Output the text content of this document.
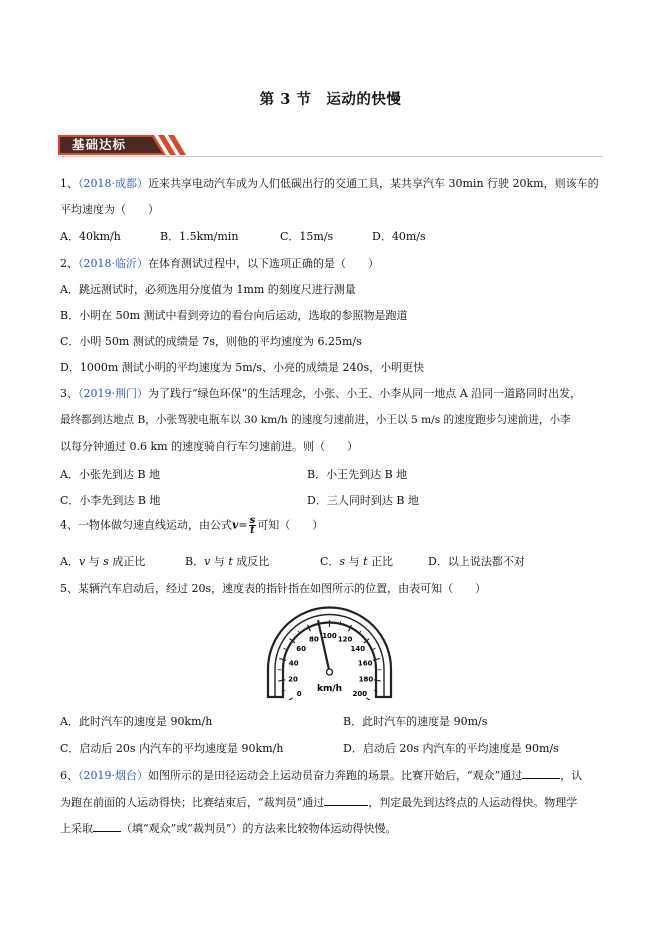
第 3 节　运动的快慢
基础达标
1、（2018·成都）近来共享电动汽车成为人们低碳出行的交通工具，某共享汽车 30min 行驶 20km，则该车的
平均速度为（　　）
A．40km/h	B．1.5km/min	C．15m/s	D．40m/s
2、（2018·临沂）在体育测试过程中，以下选项正确的是（　　）
A．跳远测试时，必须选用分度值为 1mm 的刻度尺进行测量
B．小明在 50m 测试中看到旁边的看台向后运动，选取的参照物是跑道
C．小明 50m 测试的成绩是 7s，则他的平均速度为 6.25m/s
D．1000m 测试小明的平均速度为 5m/s、小亮的成绩是 240s，小明更快
3、（2019·荆门）为了践行“绿色环保”的生活理念，小张、小王、小李从同一地点 A 沿同一道路同时出发，
最终都到达地点 B，小张驾驶电瓶车以 30 km/h 的速度匀速前进，小王以 5 m/s 的速度跑步匀速前进，小李
以每分钟通过 0.6 km 的速度骑自行车匀速前进。则（　　）
A．小张先到达 B 地	B．小王先到达 B 地
C．小李先到达 B 地	D．三人同时到达 B 地
4、一物体做匀速直线运动，由公式$v= \frac{s}{t}$ 可知（　　）
A．v 与 s 成正比	B．v 与 t 成反比	C．s 与 t 正比	D．以上说法都不对
5、某辆汽车启动后，经过 20s，速度表的指针指在如图所示的位置，由表可知（　　）
0
20
40
60
80 100 120
140
160
180
200
km/h
A．此时汽车的速度是 90km/h	B．此时汽车的速度是 90m/s
C．启动后 20s 内汽车的平均速度是 90km/h	D．启动后 20s 内汽车的平均速度是 90m/s
6、（2019·烟台）如图所示的是田径运动会上运动员奋力奔跑的场景。比赛开始后，“观众”通过	，认
为跑在前面的人运动得快；比赛结束后，“裁判员”通过	，判定最先到达终点的人运动得快。物理学
上采取	（填“观众”或“裁判员”）的方法来比较物体运动得快慢。
